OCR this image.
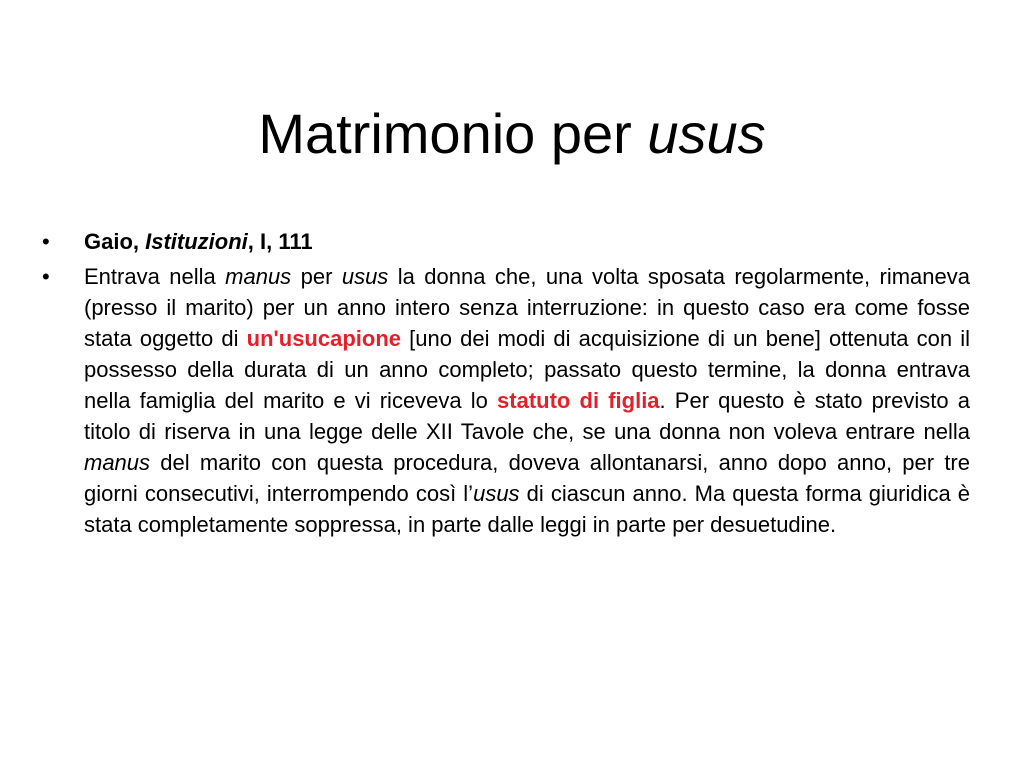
Matrimonio per usus
•	Gaio, Istituzioni, I, 111
•	Entrava nella manus per usus la donna che, una volta sposata regolarmente, rimaneva (presso il marito) per un anno intero senza interruzione: in questo caso era come fosse stata oggetto di un'usucapione [uno dei modi di acquisizione di un bene] ottenuta con il possesso della durata di un anno completo; passato questo termine, la donna entrava nella famiglia del marito e vi riceveva lo statuto di figlia. Per questo è stato previsto a titolo di riserva in una legge delle XII Tavole che, se una donna non voleva entrare nella manus del marito con questa procedura, doveva allontanarsi, anno dopo anno, per tre giorni consecutivi, interrompendo così l’usus di ciascun anno. Ma questa forma giuridica è stata completamente soppressa, in parte dalle leggi in parte per desuetudine.
